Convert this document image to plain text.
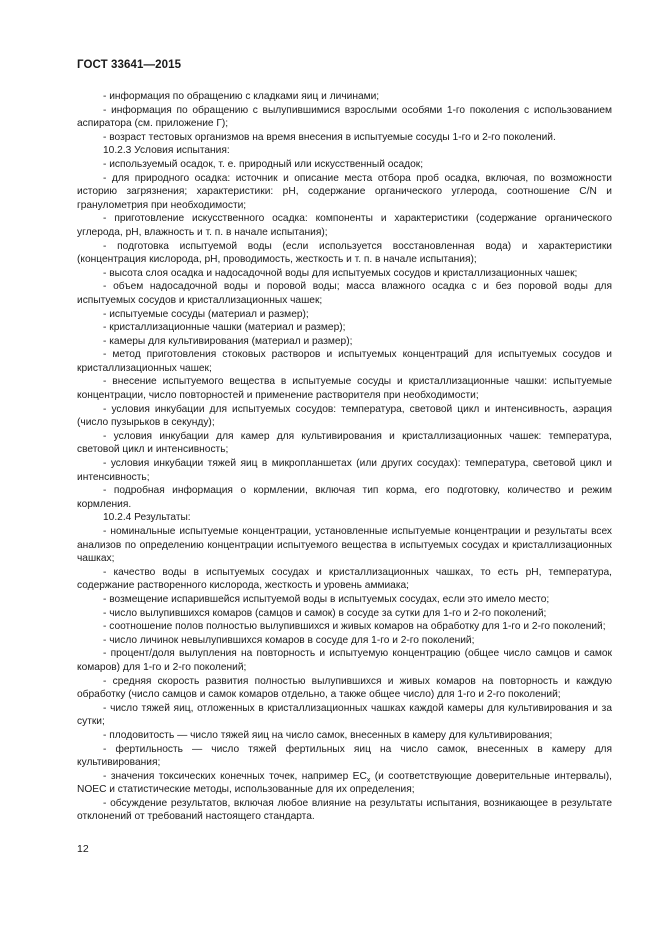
ГОСТ 33641—2015

- информация по обращению с кладками яиц и личинами;

- информация по обращению с вылупившимися взрослыми особями 1-го поколения с использованием аспиратора (см. приложение Г);

- возраст тестовых организмов на время внесения в испытуемые сосуды 1-го и 2-го поколений.

10.2.3 Условия испытания:

- используемый осадок, т. е. природный или искусственный осадок;

- для природного осадка: источник и описание места отбора проб осадка, включая, по возможности историю загрязнения; характеристики: pH, содержание органического углерода, соотношение C/N и гранулометрия при необходимости;

- приготовление искусственного осадка: компоненты и характеристики (содержание органического углерода, pH, влажность и т. п. в начале испытания);

- подготовка испытуемой воды (если используется восстановленная вода) и характеристики (концентрация кислорода, pH, проводимость, жесткость и т. п. в начале испытания);

- высота слоя осадка и надосадочной воды для испытуемых сосудов и кристаллизационных чашек;

- объем надосадочной воды и поровой воды; масса влажного осадка с и без поровой воды для испытуемых сосудов и кристаллизационных чашек;

- испытуемые сосуды (материал и размер);

- кристаллизационные чашки (материал и размер);

- камеры для культивирования (материал и размер);

- метод приготовления стоковых растворов и испытуемых концентраций для испытуемых сосудов и кристаллизационных чашек;

- внесение испытуемого вещества в испытуемые сосуды и кристаллизационные чашки: испытуемые концентрации, число повторностей и применение растворителя при необходимости;

- условия инкубации для испытуемых сосудов: температура, световой цикл и интенсивность, аэрация (число пузырьков в секунду);

- условия инкубации для камер для культивирования и кристаллизационных чашек: температура, световой цикл и интенсивность;

- условия инкубации тяжей яиц в микропланшетах (или других сосудах): температура, световой цикл и интенсивность;

- подробная информация о кормлении, включая тип корма, его подготовку, количество и режим кормления.

10.2.4 Результаты:

- номинальные испытуемые концентрации, установленные испытуемые концентрации и результаты всех анализов по определению концентрации испытуемого вещества в испытуемых сосудах и кристаллизационных чашках;

- качество воды в испытуемых сосудах и кристаллизационных чашках, то есть pH, температура, содержание растворенного кислорода, жесткость и уровень аммиака;

- возмещение испарившейся испытуемой воды в испытуемых сосудах, если это имело место;

- число вылупившихся комаров (самцов и самок) в сосуде за сутки для 1-го и 2-го поколений;

- соотношение полов полностью вылупившихся и живых комаров на обработку для 1-го и 2-го поколений;

- число личинок невылупившихся комаров в сосуде для 1-го и 2-го поколений;

- процент/доля вылупления на повторность и испытуемую концентрацию (общее число самцов и самок комаров) для 1-го и 2-го поколений;

- средняя скорость развития полностью вылупившихся и живых комаров на повторность и каждую обработку (число самцов и самок комаров отдельно, а также общее число) для 1-го и 2-го поколений;

- число тяжей яиц, отложенных в кристаллизационных чашках каждой камеры для культивирования и за сутки;

- плодовитость — число тяжей яиц на число самок, внесенных в камеру для культивирования;

- фертильность — число тяжей фертильных яиц на число самок, внесенных в камеру для культивирования;

- значения токсических конечных точек, например $EC_x$ (и соответствующие доверительные интервалы), NOEC и статистические методы, использованные для их определения;

- обсуждение результатов, включая любое влияние на результаты испытания, возникающее в результате отклонений от требований настоящего стандарта.

12
